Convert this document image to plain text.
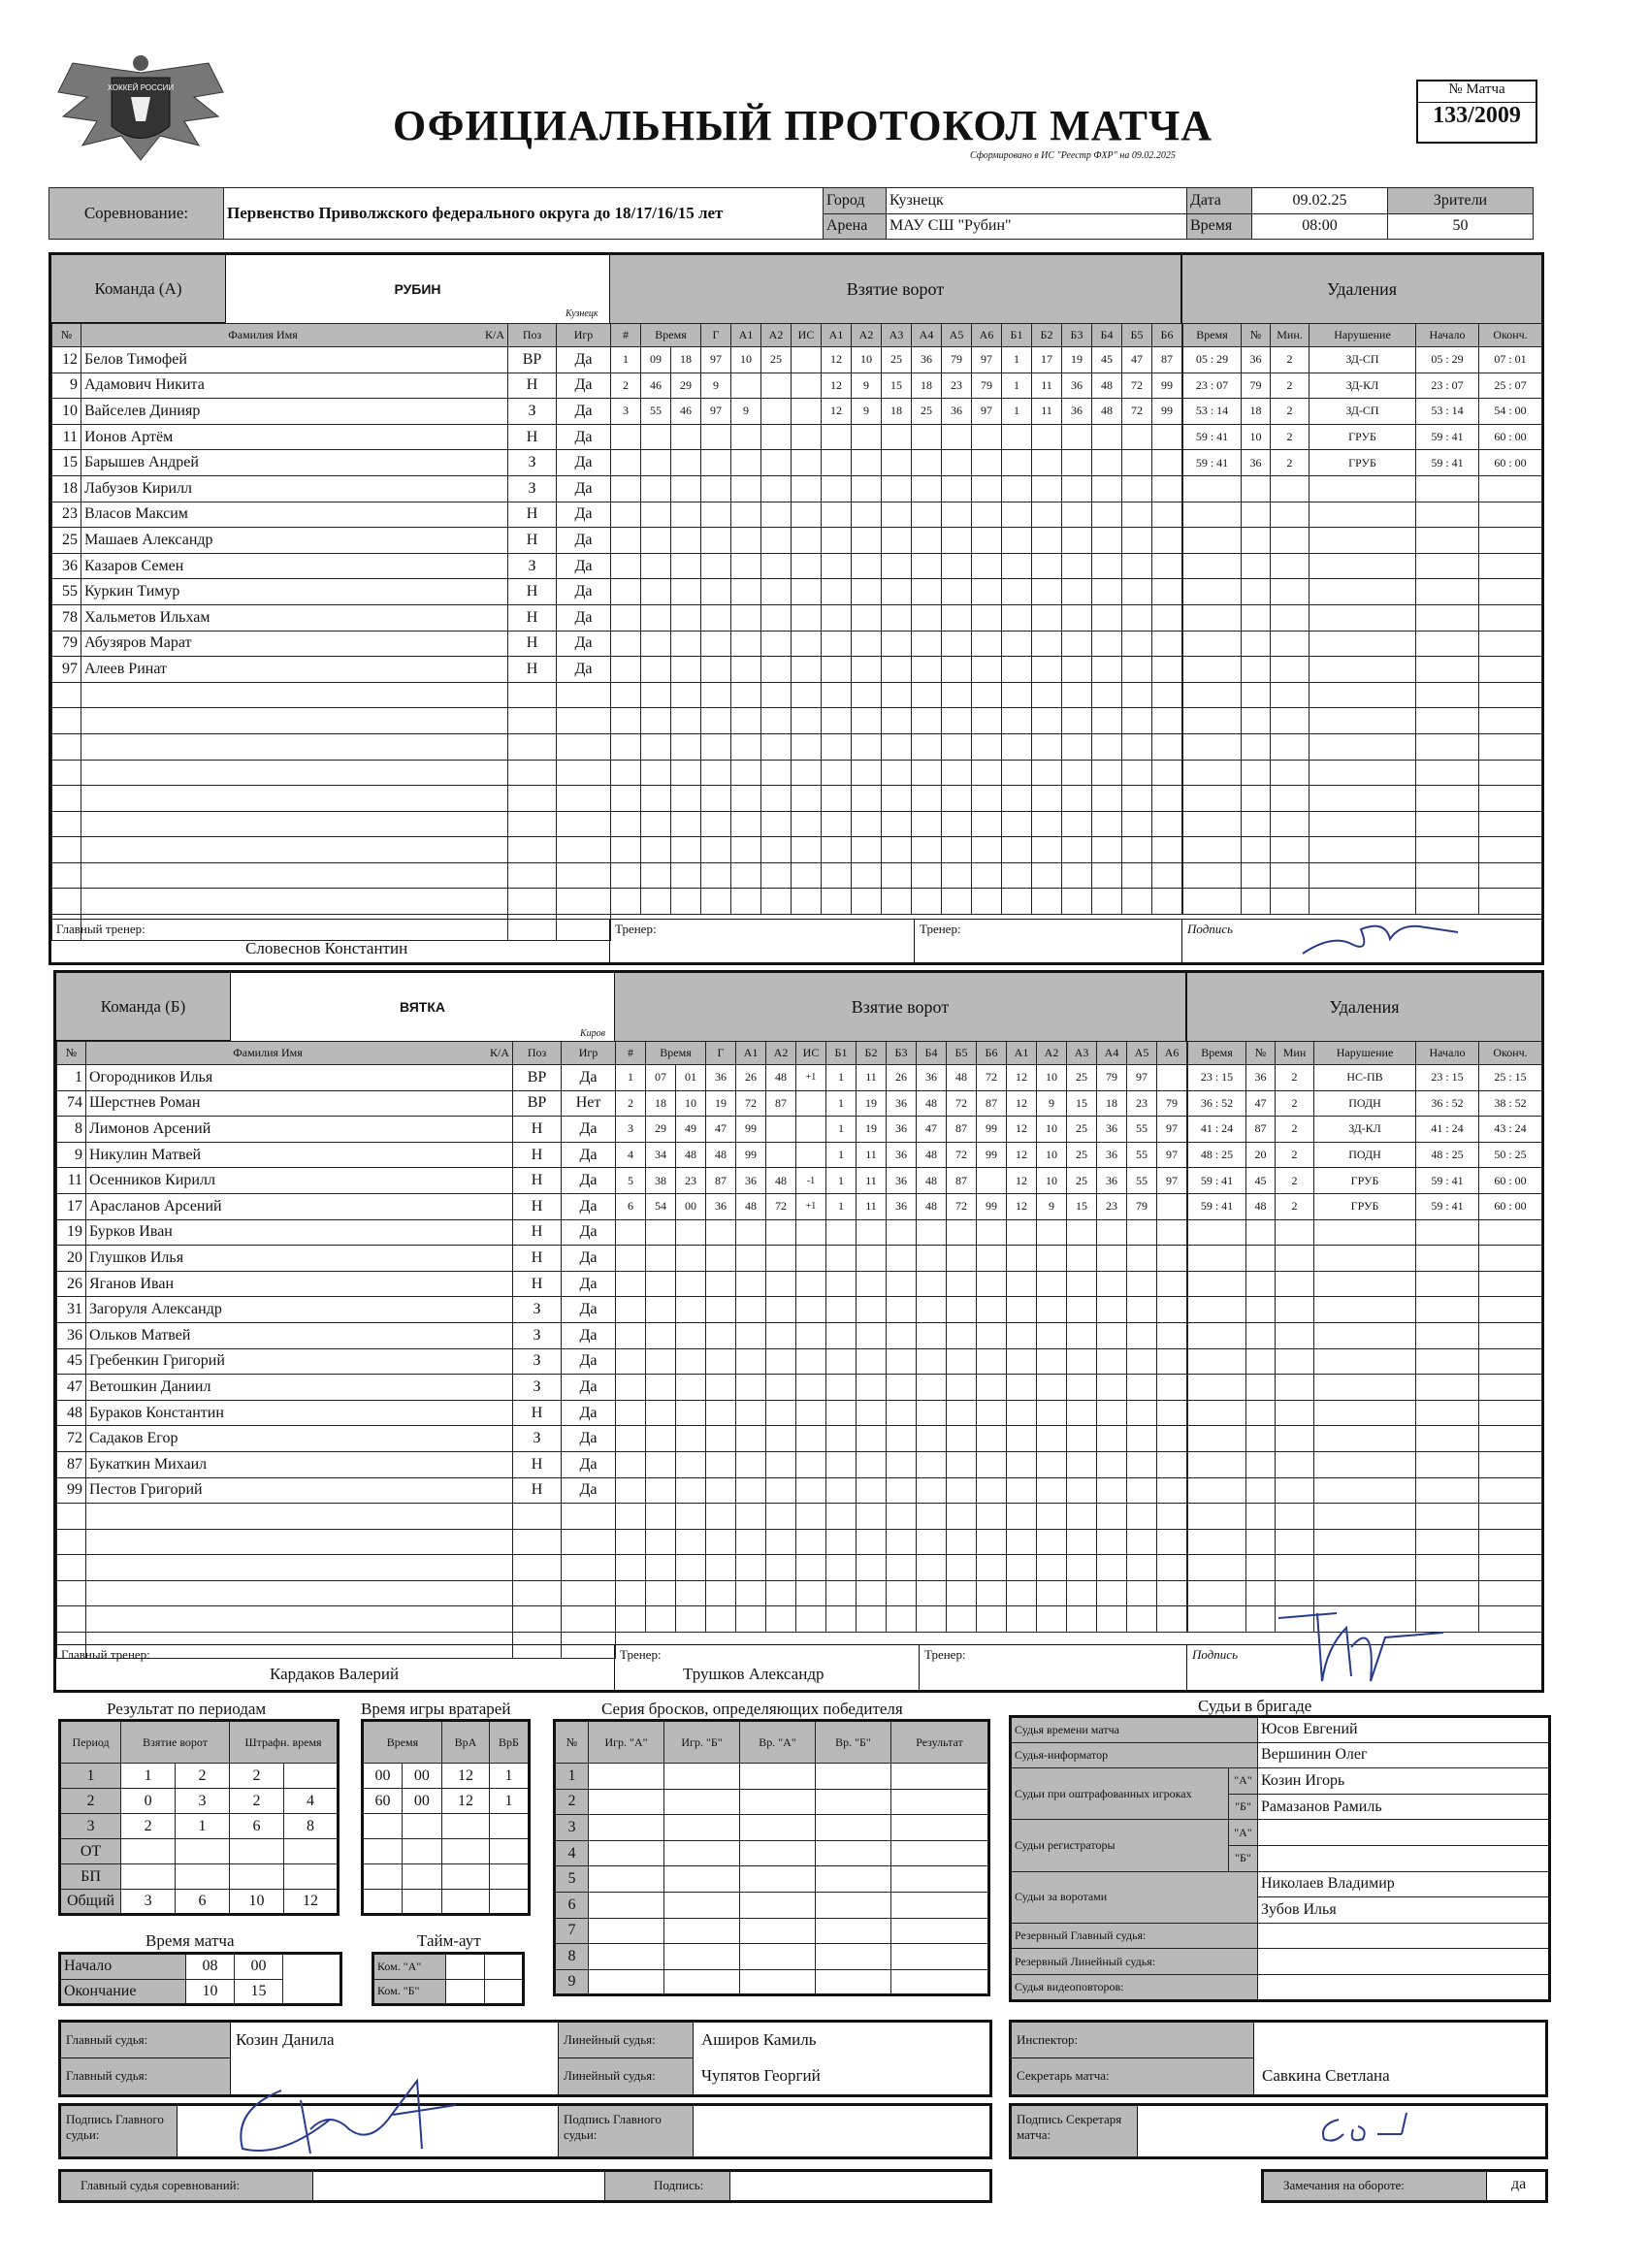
ХОККЕЙ РОССИИ
ОФИЦИАЛЬНЫЙ ПРОТОКОЛ МАТЧА
Сформировано в ИС "Реестр ФХР" на 09.02.2025
№ Матча
133/2009
Соревнование:	Первенство Приволжского федерального округа до 18/17/16/15 лет	Город	Кузнецк	Дата	09.02.25	Зрители
		Арена	МАУ СШ "Рубин"	Время	08:00	50
Команда (А)	РУБИН
Кузнецк
Взятие ворот	Удаления
№	Фамилия Имя К/А	Поз	Игр
12	Белов Тимофей		ВР	Да
9	Адамович Никита		Н	Да
10	Вайселев Динияр		З	Да
11	Ионов Артём		Н	Да
15	Барышев Андрей		З	Да
18	Лабузов Кирилл		З	Да
23	Власов Максим		Н	Да
25	Машаев Александр		Н	Да
36	Казаров Семен		З	Да
55	Куркин Тимур		Н	Да
78	Хальметов Ильхам		Н	Да
79	Абузяров Марат		Н	Да
97	Алеев Ринат		Н	Да

#	Время		Г	А1	А2	ИС	А1	А2	А3	А4	А5	А6	Б1	Б2	Б3	Б4	Б5	Б6
1	09	18	97	10	25		12	10	25	36	79	97	1	17	19	45	47	87
2	46	29	9				12	9	15	18	23	79	1	11	36	48	72	99
3	55	46	97	9			12	9	18	25	36	97	1	11	36	48	72	99

Время	№	Мин.	Нарушение	Начало	Оконч.
05 : 29	36	2	ЗД-СП	05 : 29	07 : 01
23 : 07	79	2	ЗД-КЛ	23 : 07	25 : 07
53 : 14	18	2	ЗД-СП	53 : 14	54 : 00
59 : 41	10	2	ГРУБ	59 : 41	60 : 00
59 : 41	36	2	ГРУБ	59 : 41	60 : 00

Главный тренер:
Словеснов Константин
Тренер:	Тренер:	Подпись
Команда (Б)	ВЯТКА
Киров
Взятие ворот	Удаления
№	Фамилия Имя К/А	Поз	Игр
1	Огородников Илья		ВР	Да
74	Шерстнев Роман		ВР	Нет
8	Лимонов Арсений		Н	Да
9	Никулин Матвей		Н	Да
11	Осенников Кирилл		Н	Да
17	Араcланов Арсений		Н	Да
19	Бурков Иван		Н	Да
20	Глушков Илья		Н	Да
26	Яганов Иван		Н	Да
31	Загоруля Александр		З	Да
36	Ольков Матвей		З	Да
45	Гребенкин Григорий		З	Да
47	Ветошкин Даниил		З	Да
48	Бураков Константин		Н	Да
72	Садаков Егор		З	Да
87	Букаткин Михаил		Н	Да
99	Пестов Григорий		Н	Да

#	Время		Г	А1	А2	ИС	Б1	Б2	Б3	Б4	Б5	Б6	А1	А2	А3	А4	А5	А6
1	07	01	36	26	48	+1	1	11	26	36	48	72	12	10	25	79	97	
2	18	10	19	72	87		1	19	36	48	72	87	12	9	15	18	23	79
3	29	49	47	99			1	19	36	47	87	99	12	10	25	36	55	97
4	34	48	48	99			1	11	36	48	72	99	12	10	25	36	55	97
5	38	23	87	36	48	-1	1	11	36	48	87		12	10	25	36	55	97
6	54	00	36	48	72	+1	1	11	36	48	72	99	12	9	15	23	79	

Время	№	Мин	Нарушение	Начало	Оконч.
23 : 15	36	2	НС-ПВ	23 : 15	25 : 15
36 : 52	47	2	ПОДН	36 : 52	38 : 52
41 : 24	87	2	ЗД-КЛ	41 : 24	43 : 24
48 : 25	20	2	ПОДН	48 : 25	50 : 25
59 : 41	45	2	ГРУБ	59 : 41	60 : 00
59 : 41	48	2	ГРУБ	59 : 41	60 : 00

Главный тренер:
Кардаков Валерий
Тренер:
Трушков Александр
Тренер:	Подпись
Результат по периодам
Период	Взятие ворот		Штрафн. время	
1	1	2	2	
2	0	3	2	4
3	2	1	6	8
ОТ				
БП				
Общий	3	6	10	12
Время игры вратарей
Время		ВрА	ВрБ
00	00	12	1
60	00	12	1

Серия бросков, определяющих победителя
№	Игр. "А"	Игр. "Б"	Вр. "А"	Вр. "Б"	Результат
1					
2					
3					
4					
5					
6					
7					
8					
9					
Время матча
Начало	08	00	
Окончание	10	15	
Тайм-аут
Ком. "А"		
Ком. "Б"		
Судьи в бригаде
Судья времени матча		Юсов Евгений
Судья-информатор		Вершинин Олег
Судьи при оштрафованных игроках	"А"	Козин Игорь
	"Б"	Рамазанов Рамиль
Судьи регистраторы	"А"	
	"Б"	
Судьи за воротами		Николаев Владимир
		Зубов Илья
Резервный Главный судья:		
Резервный Линейный судья:		
Судья видеоповторов:		
Главный судья:	Козин Данила
Главный судья:
Линейный судья:	Аширов Камиль
Линейный судья:	Чупятов Георгий
Подпись Главного судьи:
Подпись Главного судьи:
Главный судья соревнований:	Подпись:
Инспектор:
Секретарь матча:	Савкина Светлана
Подпись Секретаря матча:
Замечания на обороте:	да
